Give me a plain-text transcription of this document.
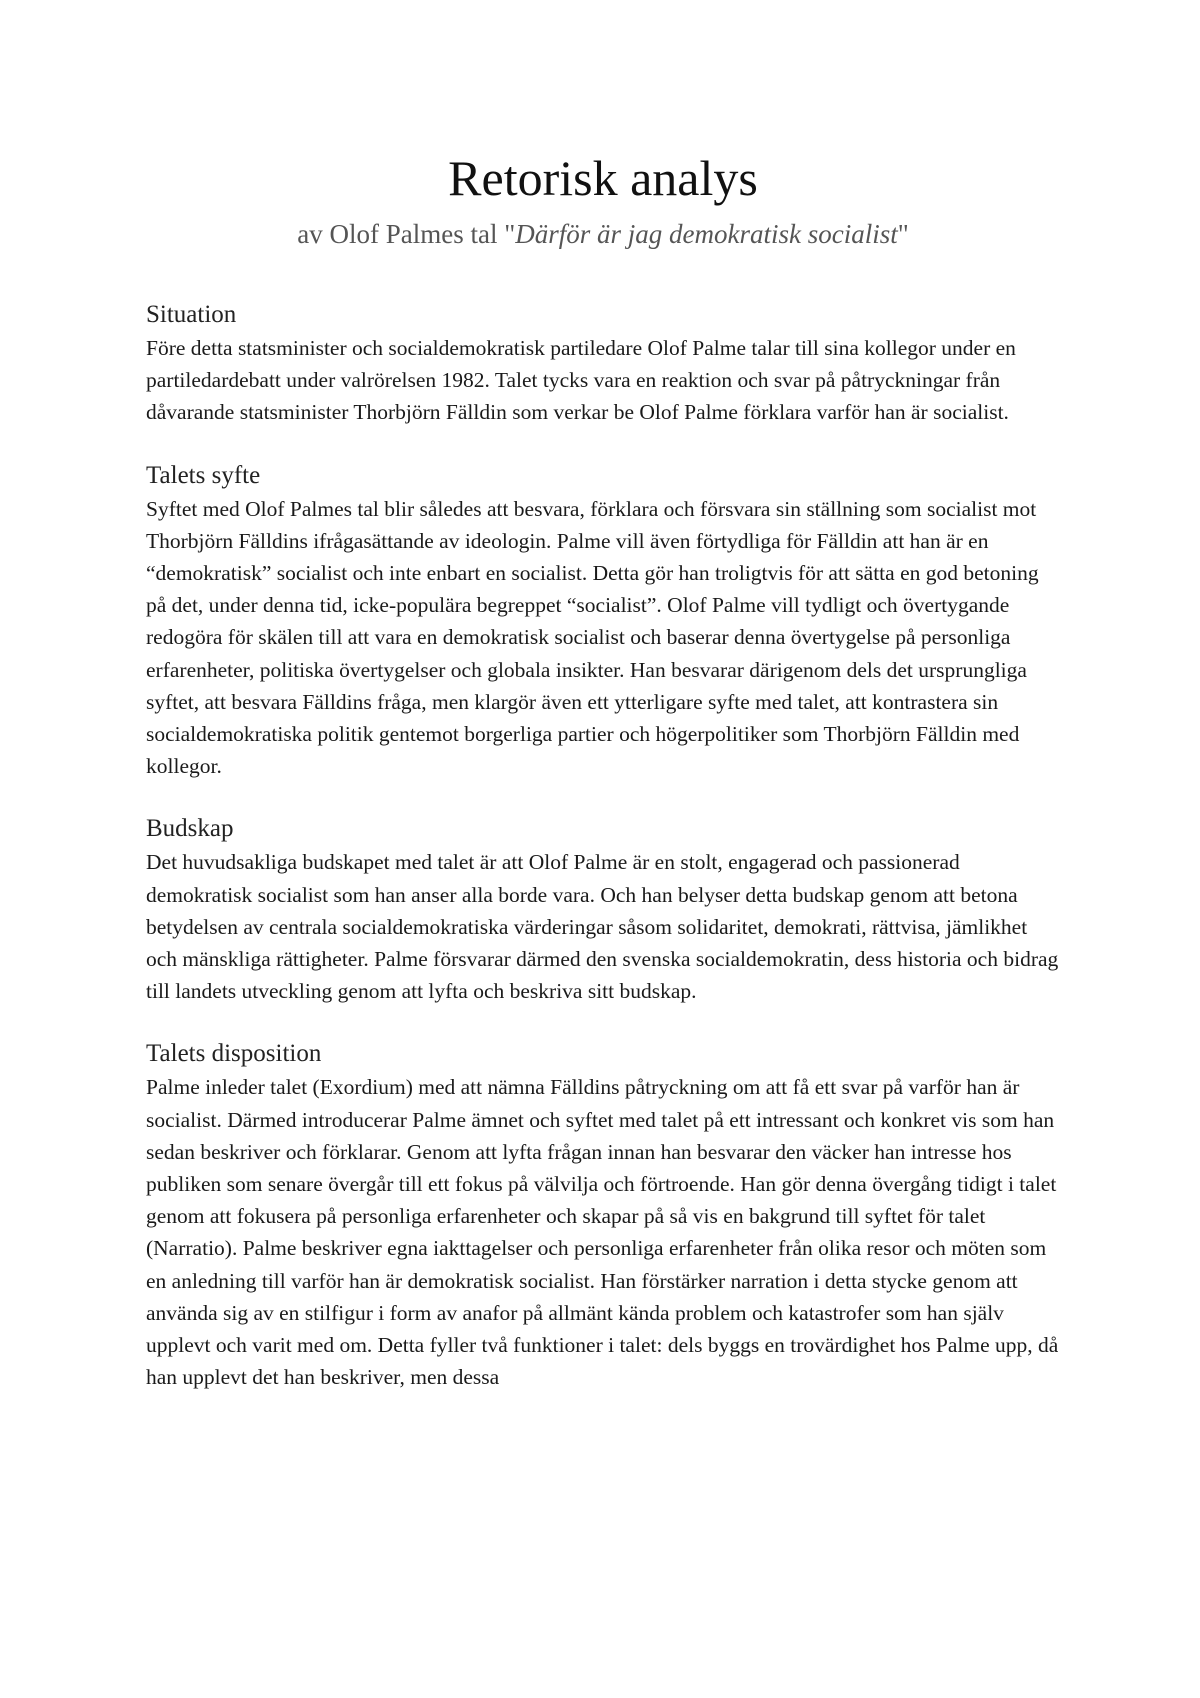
Retorisk analys

av Olof Palmes tal "Därför är jag demokratisk socialist"

Situation

Före detta statsminister och socialdemokratisk partiledare Olof Palme talar till sina kollegor under en partiledardebatt under valrörelsen 1982. Talet tycks vara en reaktion och svar på påtryckningar från dåvarande statsminister Thorbjörn Fälldin som verkar be Olof Palme förklara varför han är socialist.

Talets syfte

Syftet med Olof Palmes tal blir således att besvara, förklara och försvara sin ställning som socialist mot Thorbjörn Fälldins ifrågasättande av ideologin. Palme vill även förtydliga för Fälldin att han är en “demokratisk” socialist och inte enbart en socialist. Detta gör han troligtvis för att sätta en god betoning på det, under denna tid, icke-populära begreppet “socialist”. Olof Palme vill tydligt och övertygande redogöra för skälen till att vara en demokratisk socialist och baserar denna övertygelse på personliga erfarenheter, politiska övertygelser och globala insikter. Han besvarar därigenom dels det ursprungliga syftet, att besvara Fälldins fråga, men klargör även ett ytterligare syfte med talet, att kontrastera sin socialdemokratiska politik gentemot borgerliga partier och högerpolitiker som Thorbjörn Fälldin med kollegor.

Budskap

Det huvudsakliga budskapet med talet är att Olof Palme är en stolt, engagerad och passionerad demokratisk socialist som han anser alla borde vara. Och han belyser detta budskap genom att betona betydelsen av centrala socialdemokratiska värderingar såsom solidaritet, demokrati, rättvisa, jämlikhet och mänskliga rättigheter. Palme försvarar därmed den svenska socialdemokratin, dess historia och bidrag till landets utveckling genom att lyfta och beskriva sitt budskap.

Talets disposition

Palme inleder talet (Exordium) med att nämna Fälldins påtryckning om att få ett svar på varför han är socialist. Därmed introducerar Palme ämnet och syftet med talet på ett intressant och konkret vis som han sedan beskriver och förklarar. Genom att lyfta frågan innan han besvarar den väcker han intresse hos publiken som senare övergår till ett fokus på välvilja och förtroende. Han gör denna övergång tidigt i talet genom att fokusera på personliga erfarenheter och skapar på så vis en bakgrund till syftet för talet (Narratio). Palme beskriver egna iakttagelser och personliga erfarenheter från olika resor och möten som en anledning till varför han är demokratisk socialist. Han förstärker narration i detta stycke genom att använda sig av en stilfigur i form av anafor på allmänt kända problem och katastrofer som han själv upplevt och varit med om. Detta fyller två funktioner i talet: dels byggs en trovärdighet hos Palme upp, då han upplevt det han beskriver, men dessa
